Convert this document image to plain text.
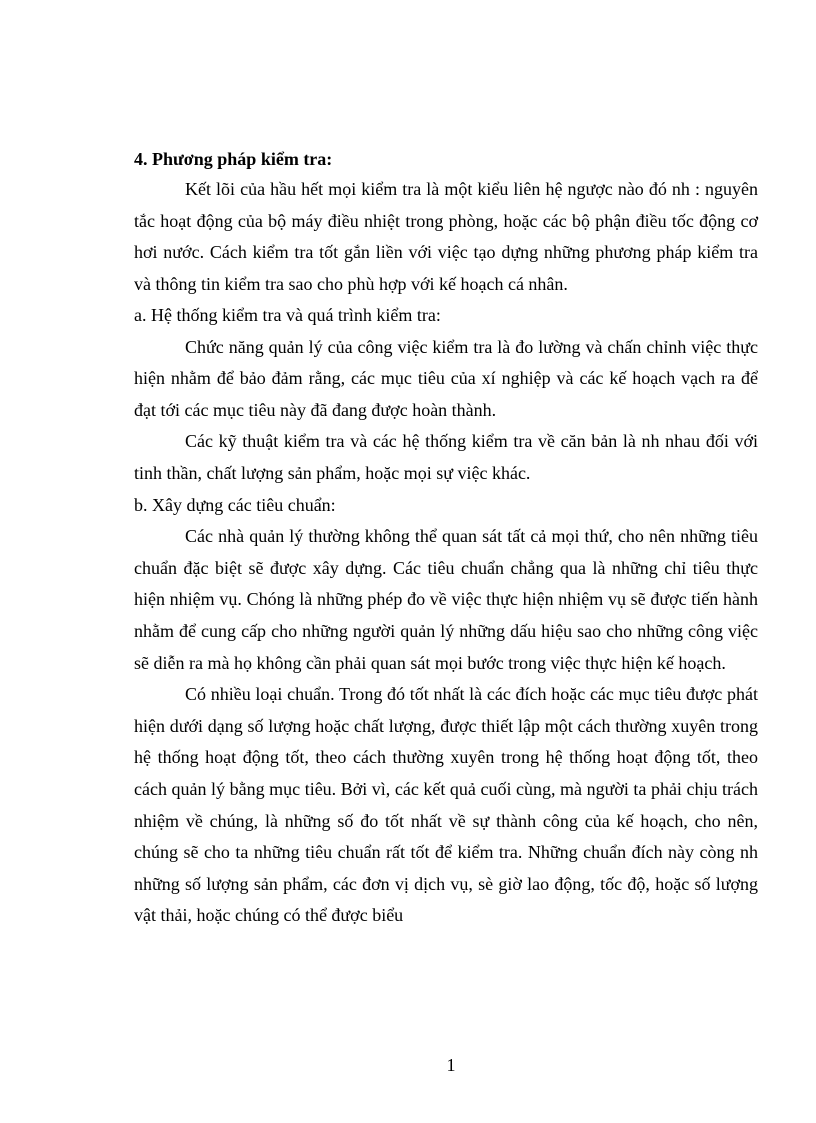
4. Phương pháp kiểm tra:

Kết lõi của hầu hết mọi kiểm tra là một kiểu liên hệ ngược nào đó nh : nguyên tắc hoạt động của bộ máy điều nhiệt trong phòng, hoặc các bộ phận điều tốc động cơ hơi nước. Cách kiểm tra tốt gắn liền với việc tạo dựng những phương pháp kiểm tra và thông tin kiểm tra sao cho phù hợp với kế hoạch cá nhân.

a. Hệ thống kiểm tra và quá trình kiểm tra:

Chức năng quản lý của công việc kiểm tra là đo lường và chấn chỉnh việc thực hiện nhằm để bảo đảm rằng, các mục tiêu của xí nghiệp và các kế hoạch vạch ra để đạt tới các mục tiêu này đã đang được hoàn thành.

Các kỹ thuật kiểm tra và các hệ thống kiểm tra về căn bản là nh nhau đối với tinh thần, chất lượng sản phẩm, hoặc mọi sự việc khác.

b. Xây dựng các tiêu chuẩn:

Các nhà quản lý thường không thể quan sát tất cả mọi thứ, cho nên những tiêu chuẩn đặc biệt sẽ được xây dựng. Các tiêu chuẩn chẳng qua là những chỉ tiêu thực hiện nhiệm vụ. Chóng là những phép đo về việc thực hiện nhiệm vụ sẽ được tiến hành nhằm để cung cấp cho những người quản lý những dấu hiệu sao cho những công việc sẽ diễn ra mà họ không cần phải quan sát mọi bước trong việc thực hiện kế hoạch.

Có nhiều loại chuẩn. Trong đó tốt nhất là các đích hoặc các mục tiêu được phát hiện dưới dạng số lượng hoặc chất lượng, được thiết lập một cách thường xuyên trong hệ thống hoạt động tốt, theo cách thường xuyên trong hệ thống hoạt động tốt, theo cách quản lý bằng mục tiêu. Bởi vì, các kết quả cuối cùng, mà người ta phải chịu trách nhiệm về chúng, là những số đo tốt nhất về sự thành công của kế hoạch, cho nên, chúng sẽ cho ta những tiêu chuẩn rất tốt để kiểm tra. Những chuẩn đích này còng nh những số lượng sản phẩm, các đơn vị dịch vụ, sè giờ lao động, tốc độ, hoặc số lượng vật thải, hoặc chúng có thể được biểu

1
